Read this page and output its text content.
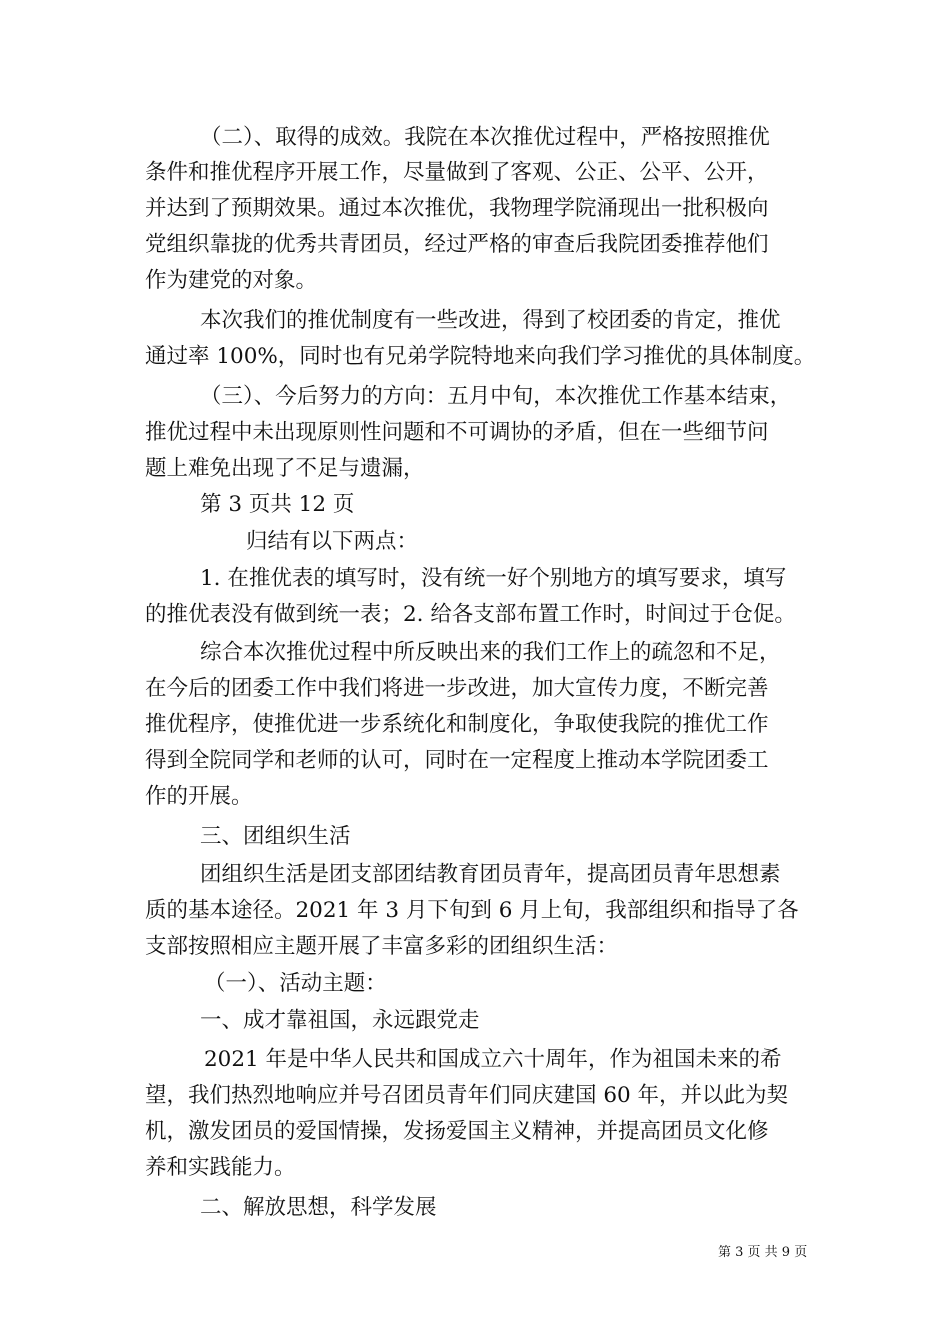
（二）、取得的成效。我院在本次推优过程中，严格按照推优
条件和推优程序开展工作，尽量做到了客观、公正、公平、公开，
并达到了预期效果。通过本次推优，我物理学院涌现出一批积极向
党组织靠拢的优秀共青团员，经过严格的审查后我院团委推荐他们
作为建党的对象。
本次我们的推优制度有一些改进，得到了校团委的肯定，推优
通过率 100%，同时也有兄弟学院特地来向我们学习推优的具体制度。
（三）、今后努力的方向：五月中旬，本次推优工作基本结束，
推优过程中未出现原则性问题和不可调协的矛盾，但在一些细节问
题上难免出现了不足与遗漏，
第 3 页共 12 页
归结有以下两点：
1. 在推优表的填写时，没有统一好个别地方的填写要求，填写
的推优表没有做到统一表；2. 给各支部布置工作时，时间过于仓促。
综合本次推优过程中所反映出来的我们工作上的疏忽和不足，
在今后的团委工作中我们将进一步改进，加大宣传力度，不断完善
推优程序，使推优进一步系统化和制度化，争取使我院的推优工作
得到全院同学和老师的认可，同时在一定程度上推动本学院团委工
作的开展。
三、团组织生活
团组织生活是团支部团结教育团员青年，提高团员青年思想素
质的基本途径。2021 年 3 月下旬到 6 月上旬，我部组织和指导了各
支部按照相应主题开展了丰富多彩的团组织生活：
（一）、活动主题：
一、成才靠祖国，永远跟党走
2021 年是中华人民共和国成立六十周年，作为祖国未来的希
望，我们热烈地响应并号召团员青年们同庆建国 60 年，并以此为契
机，激发团员的爱国情操，发扬爱国主义精神，并提高团员文化修
养和实践能力。
二、解放思想，科学发展
第 3 页 共 9 页
